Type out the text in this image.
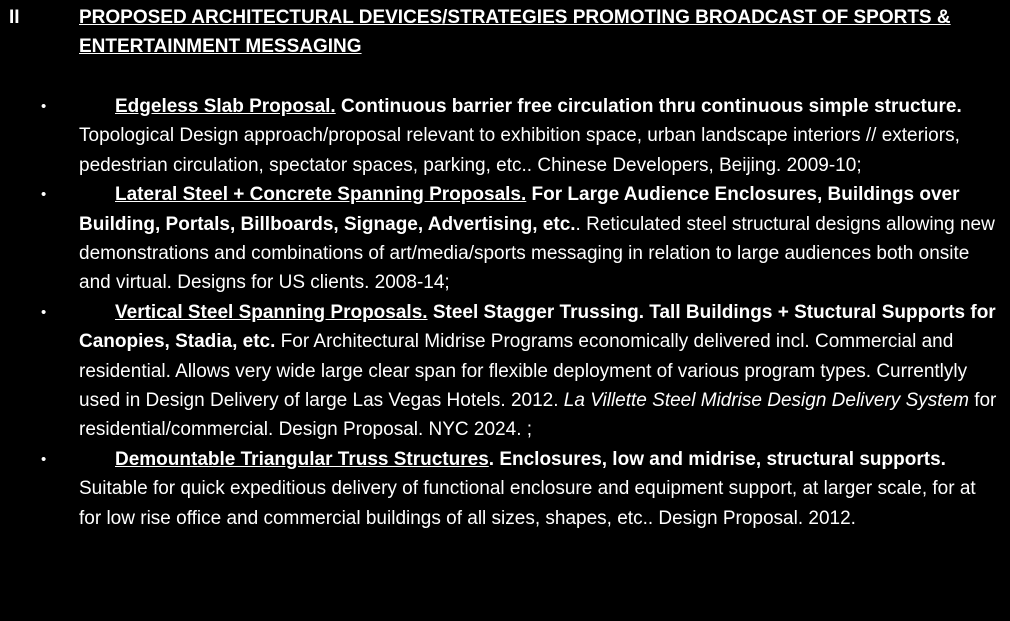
II	PROPOSED ARCHITECTURAL DEVICES/STRATEGIES PROMOTING BROADCAST OF SPORTS & ENTERTAINMENT MESSAGING
•	Edgeless Slab Proposal. Continuous barrier free circulation thru continuous simple structure. Topological Design approach/proposal relevant to exhibition space, urban landscape interiors // exteriors, pedestrian circulation, spectator spaces, parking, etc.. Chinese Developers, Beijing. 2009-10;
•	Lateral Steel + Concrete Spanning Proposals. For Large Audience Enclosures, Buildings over Building, Portals, Billboards, Signage, Advertising, etc.. Reticulated steel structural designs allowing new demonstrations and combinations of art/media/sports messaging in relation to large audiences both onsite and virtual. Designs for US clients. 2008-14;
•	Vertical Steel Spanning Proposals. Steel Stagger Trussing. Tall Buildings + Stuctural Supports for Canopies, Stadia, etc. For Architectural Midrise Programs economically delivered incl. Commercial and residential. Allows very wide large clear span for flexible deployment of various program types. Currentlyly used in Design Delivery of large Las Vegas Hotels. 2012. La Villette Steel Midrise Design Delivery System for residential/commercial. Design Proposal. NYC 2024. ;
•	Demountable Triangular Truss Structures. Enclosures, low and midrise, structural supports. Suitable for quick expeditious delivery of functional enclosure and equipment support, at larger scale, for at for low rise office and commercial buildings of all sizes, shapes, etc.. Design Proposal. 2012.
